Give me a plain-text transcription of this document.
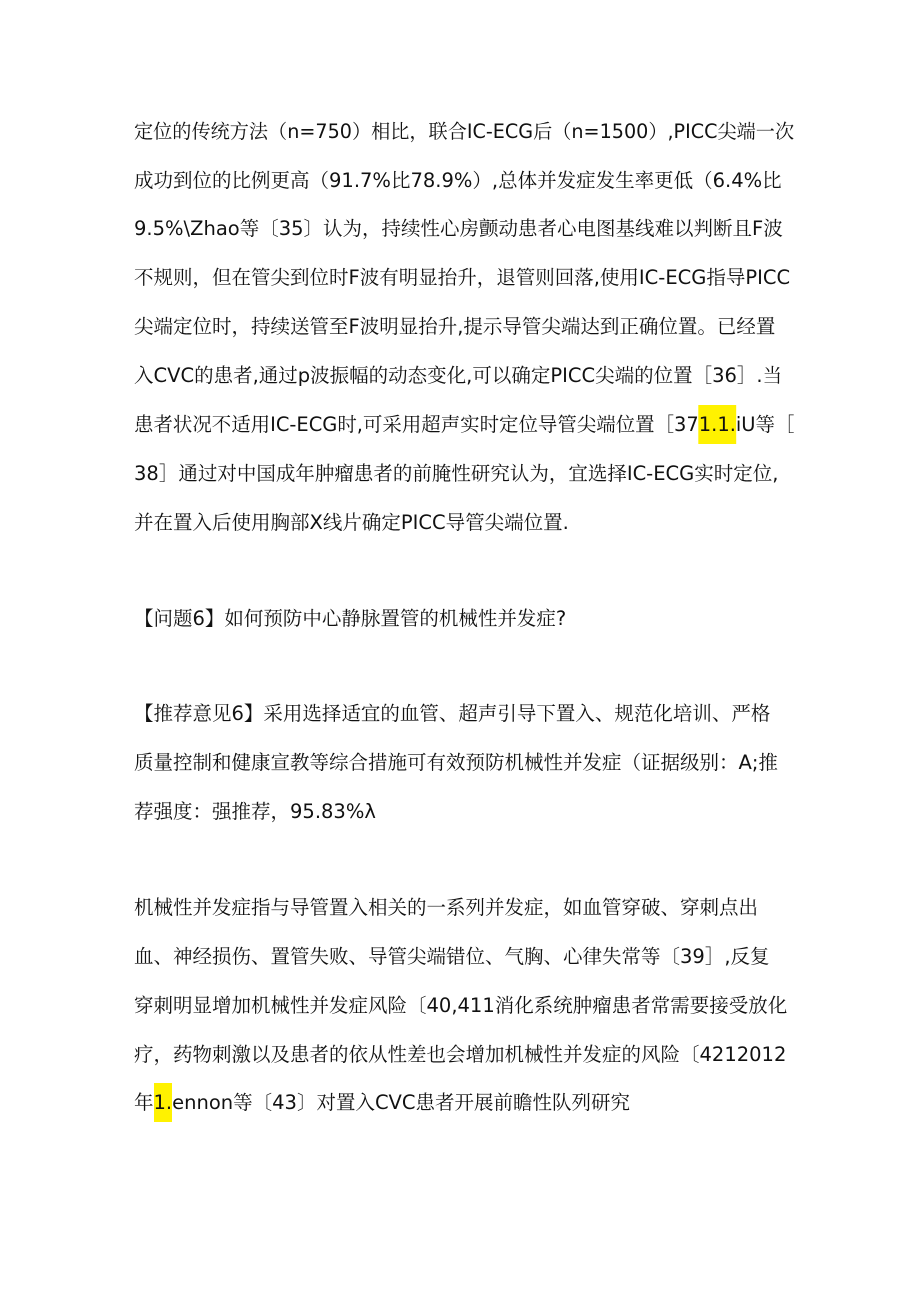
定位的传统方法（n=750）相比，联合IC-ECG后（n=1500）,PICC尖端一次
成功到位的比例更高（91.7%比78.9%）,总体并发症发生率更低（6.4%比
9.5%\Zhao等〔35〕认为，持续性心房颤动患者心电图基线难以判断且F波
不规则，但在管尖到位时F波有明显抬升，退管则回落,使用IC-ECG指导PICC
尖端定位时，持续送管至F波明显抬升,提示导管尖端达到正确位置。已经置
入CVC的患者,通过p波振幅的动态变化,可以确定PICC尖端的位置［36］.当
患者状况不适用IC-ECG时,可采用超声实时定位导管尖端位置［371.1.iU等［
38］通过对中国成年肿瘤患者的前腌性研究认为，宜选择IC-ECG实时定位,
并在置入后使用胸部X线片确定PICC导管尖端位置.
【问题6】如何预防中心静脉置管的机械性并发症?
【推荐意见6】采用选择适宜的血管、超声引导下置入、规范化培训、严格
质量控制和健康宣教等综合措施可有效预防机械性并发症（证据级别：A;推
荐强度：强推荐，95.83%λ
机械性并发症指与导管置入相关的一系列并发症，如血管穿破、穿刺点出
血、神经损伤、置管失败、导管尖端错位、气胸、心律失常等〔39］,反复
穿刺明显增加机械性并发症风险〔40,411消化系统肿瘤患者常需要接受放化
疗，药物刺激以及患者的依从性差也会增加机械性并发症的风险〔4212012
年1.ennon等〔43〕对置入CVC患者开展前瞻性队列研究
